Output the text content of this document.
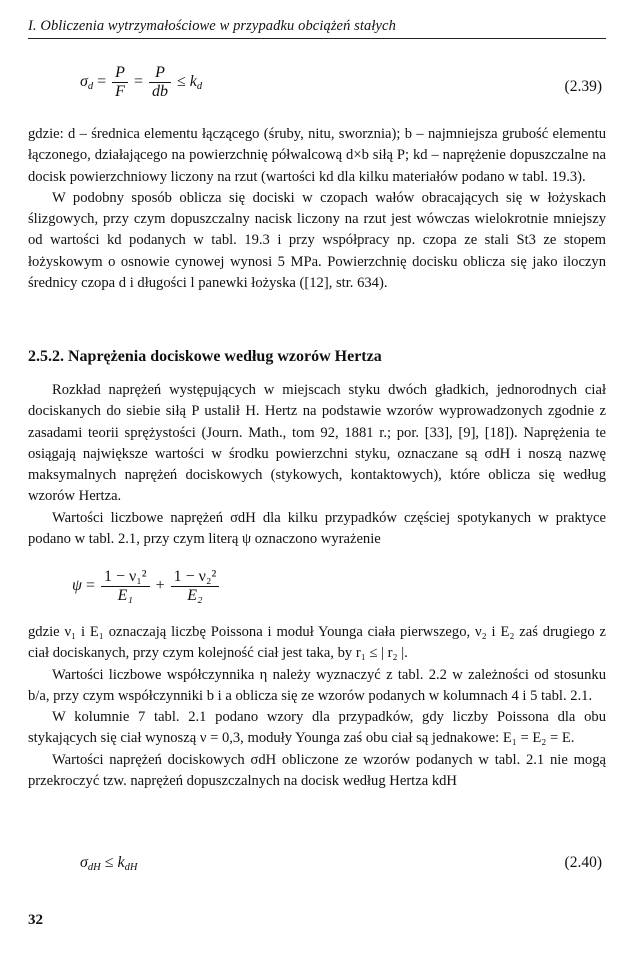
I. Obliczenia wytrzymałościowe w przypadku obciążeń stałych
$\sigma_d = \frac{P}{F} = \frac{P}{db} \le k_d$	(2.39)

gdzie: d – średnica elementu łączącego (śruby, nitu, sworznia); b – najmniejsza grubość elementu łączonego, działającego na powierzchnię półwalcową d×b siłą P; kd – naprężenie dopuszczalne na docisk powierzchniowy liczony na rzut (wartości kd dla kilku materiałów podano w tabl. 19.3).

W podobny sposób oblicza się dociski w czopach wałów obracających się w łożyskach ślizgowych, przy czym dopuszczalny nacisk liczony na rzut jest wówczas wielokrotnie mniejszy od wartości kd podanych w tabl. 19.3 i przy współpracy np. czopa ze stali St3 ze stopem łożyskowym o osnowie cynowej wynosi 5 MPa. Powierzchnię docisku oblicza się jako iloczyn średnicy czopa d i długości l panewki łożyska ([12], str. 634).

2.5.2. Naprężenia dociskowe według wzorów Hertza

Rozkład naprężeń występujących w miejscach styku dwóch gładkich, jednorodnych ciał dociskanych do siebie siłą P ustalił H. Hertz na podstawie wzorów wyprowadzonych zgodnie z zasadami teorii sprężystości (Journ. Math., tom 92, 1881 r.; por. [33], [9], [18]). Naprężenia te osiągają największe wartości w środku powierzchni styku, oznaczane są σdH i noszą nazwę maksymalnych naprężeń dociskowych (stykowych, kontaktowych), które oblicza się według wzorów Hertza.

Wartości liczbowe naprężeń σdH dla kilku przypadków częściej spotykanych w praktyce podano w tabl. 2.1, przy czym literą ψ oznaczono wyrażenie

$\psi = \frac{\text{1 − ν₁²}}{\text{E₁}} + \frac{\text{1 − ν₂²}}{\text{E₂}}$

gdzie ν₁ i E₁ oznaczają liczbę Poissona i moduł Younga ciała pierwszego, ν₂ i E₂ zaś drugiego z ciał dociskanych, przy czym kolejność ciał jest taka, by r₁ ≤ | r₂ |.

Wartości liczbowe współczynnika η należy wyznaczyć z tabl. 2.2 w zależności od stosunku b/a, przy czym współczynniki b i a oblicza się ze wzorów podanych w kolumnach 4 i 5 tabl. 2.1.

W kolumnie 7 tabl. 2.1 podano wzory dla przypadków, gdy liczby Poissona dla obu stykających się ciał wynoszą ν = 0,3, moduły Younga zaś obu ciał są jednakowe: E₁ = E₂ = E.

Wartości naprężeń dociskowych σdH obliczone ze wzorów podanych w tabl. 2.1 nie mogą przekroczyć tzw. naprężeń dopuszczalnych na docisk według Hertza kdH

$\sigma_{dH} \le k_{dH}$	(2.40)
32
